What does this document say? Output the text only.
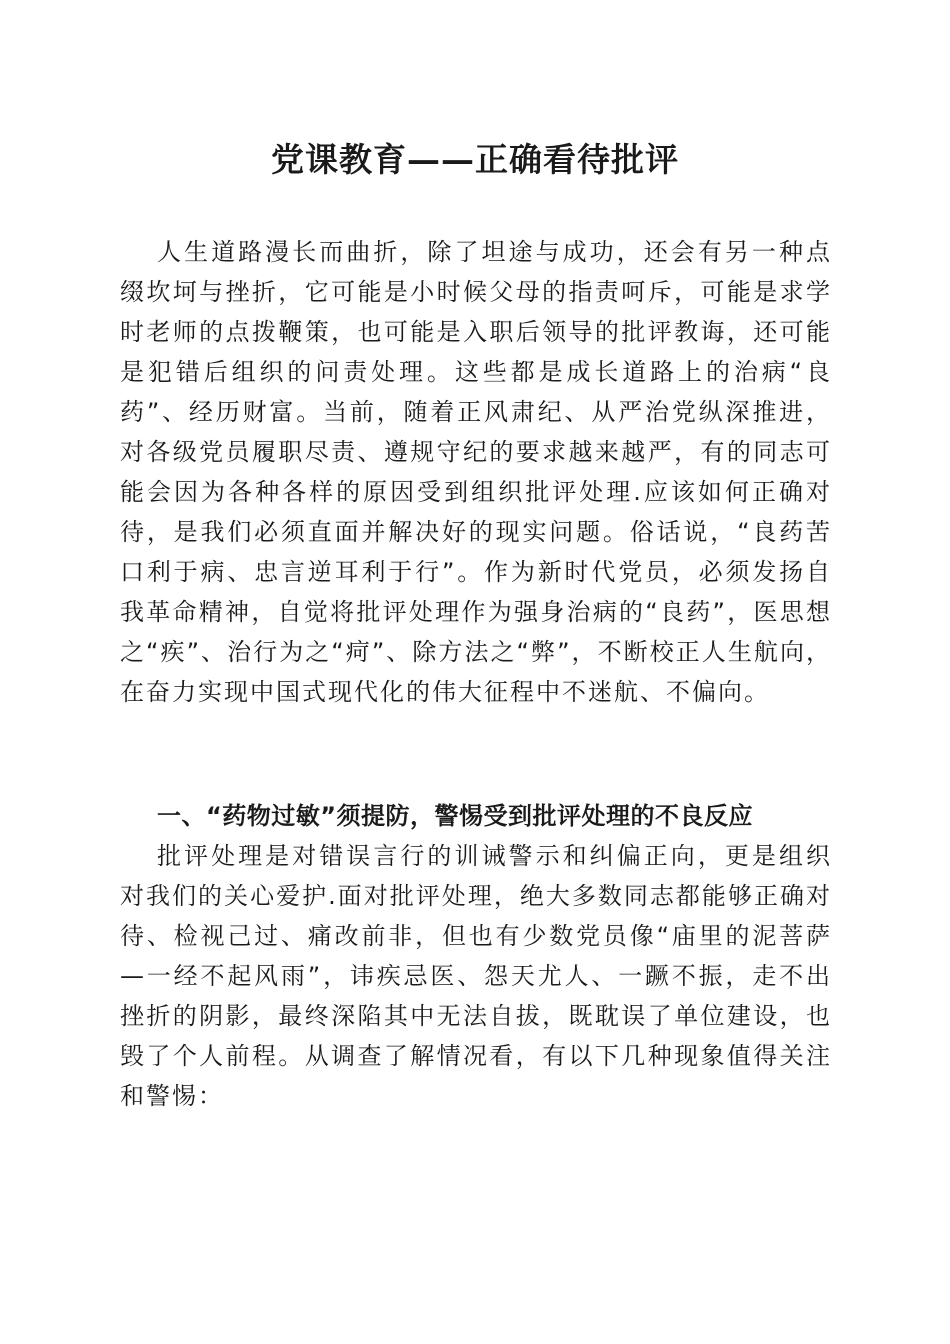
党课教育——正确看待批评

人生道路漫长而曲折，除了坦途与成功，还会有另一种点缀坎坷与挫折，它可能是小时候父母的指责呵斥，可能是求学时老师的点拨鞭策，也可能是入职后领导的批评教诲，还可能是犯错后组织的问责处理。这些都是成长道路上的治病“良药”、经历财富。当前，随着正风肃纪、从严治党纵深推进，对各级党员履职尽责、遵规守纪的要求越来越严，有的同志可能会因为各种各样的原因受到组织批评处理.应该如何正确对待，是我们必须直面并解决好的现实问题。俗话说，“良药苦口利于病、忠言逆耳利于行”。作为新时代党员，必须发扬自我革命精神，自觉将批评处理作为强身治病的“良药”，医思想之“疾”、治行为之“疴”、除方法之“弊”，不断校正人生航向，在奋力实现中国式现代化的伟大征程中不迷航、不偏向。

一、“药物过敏”须提防，警惕受到批评处理的不良反应

批评处理是对错误言行的训诫警示和纠偏正向，更是组织对我们的关心爱护.面对批评处理，绝大多数同志都能够正确对待、检视己过、痛改前非，但也有少数党员像“庙里的泥菩萨—一经不起风雨”，讳疾忌医、怨天尤人、一蹶不振，走不出挫折的阴影，最终深陷其中无法自拔，既耽误了单位建设，也毁了个人前程。从调查了解情况看，有以下几种现象值得关注和警惕：
